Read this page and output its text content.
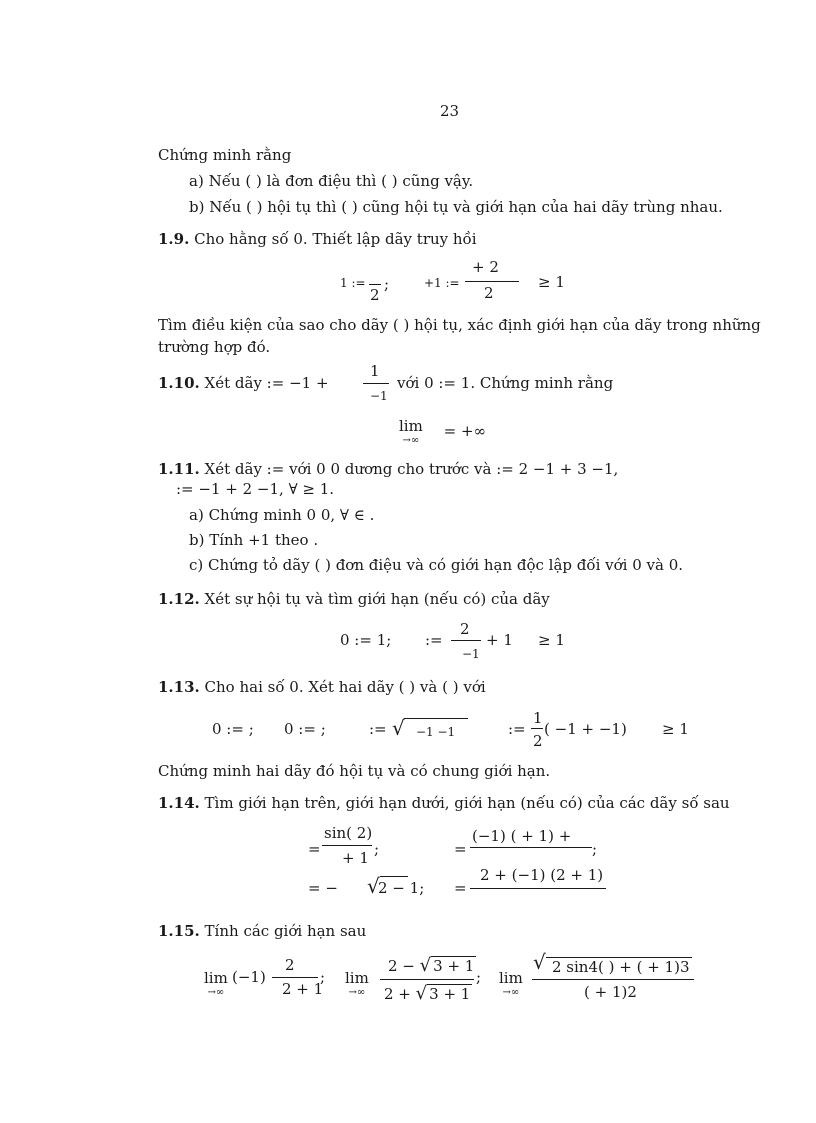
23
Chứng minh rằng
a) Nếu ( ) là đơn điệu thì ( ) cũng vậy.
b) Nếu ( ) hội tụ thì ( ) cũng hội tụ và giới hạn của hai dãy trùng nhau.
1.9. Cho hằng số 0. Thiết lập dãy truy hồi
1 :=
2
;	+1 :=
+ 2
2
≥ 1
Tìm điều kiện của sao cho dãy ( ) hội tụ, xác định giới hạn của dãy trong những
trường hợp đó.
1.10. Xét dãy := −1 +
1
−1
với 0 := 1. Chứng minh rằng
lim
→∞
= +∞
1.11. Xét dãy := với 0 0 dương cho trước và := 2 −1 + 3 −1,
:= −1 + 2 −1, ∀ ≥ 1.
a) Chứng minh 0 0, ∀ ∈ .
b) Tính +1 theo .
c) Chứng tỏ dãy ( ) đơn điệu và có giới hạn độc lập đối với 0 và 0.
1.12. Xét sự hội tụ và tìm giới hạn (nếu có) của dãy
0 := 1; :=
2
−1
+ 1 ≥ 1
1.13. Cho hai số 0. Xét hai dãy ( ) và ( ) với
0 := ; 0 := ;	:= √ −1 −1	:=
1
2
( −1 + −1) ≥ 1
Chứng minh hai dãy đó hội tụ và có chung giới hạn.
1.14. Tìm giới hạn trên, giới hạn dưới, giới hạn (nếu có) của các dãy số sau
=
sin( 2)
+ 1 ;	=
(−1) ( + 1) +
;
= − √
2 − 1; =
2 + (−1) (2 + 1)
1.15. Tính các giới hạn sau
lim
→∞
(−1)
2
2 + 1
; lim
→∞
2 − √ 3 + 1
2 + √ 3 + 1
; lim
→∞
√ 2 sin4( ) + ( + 1)3
( + 1)2
